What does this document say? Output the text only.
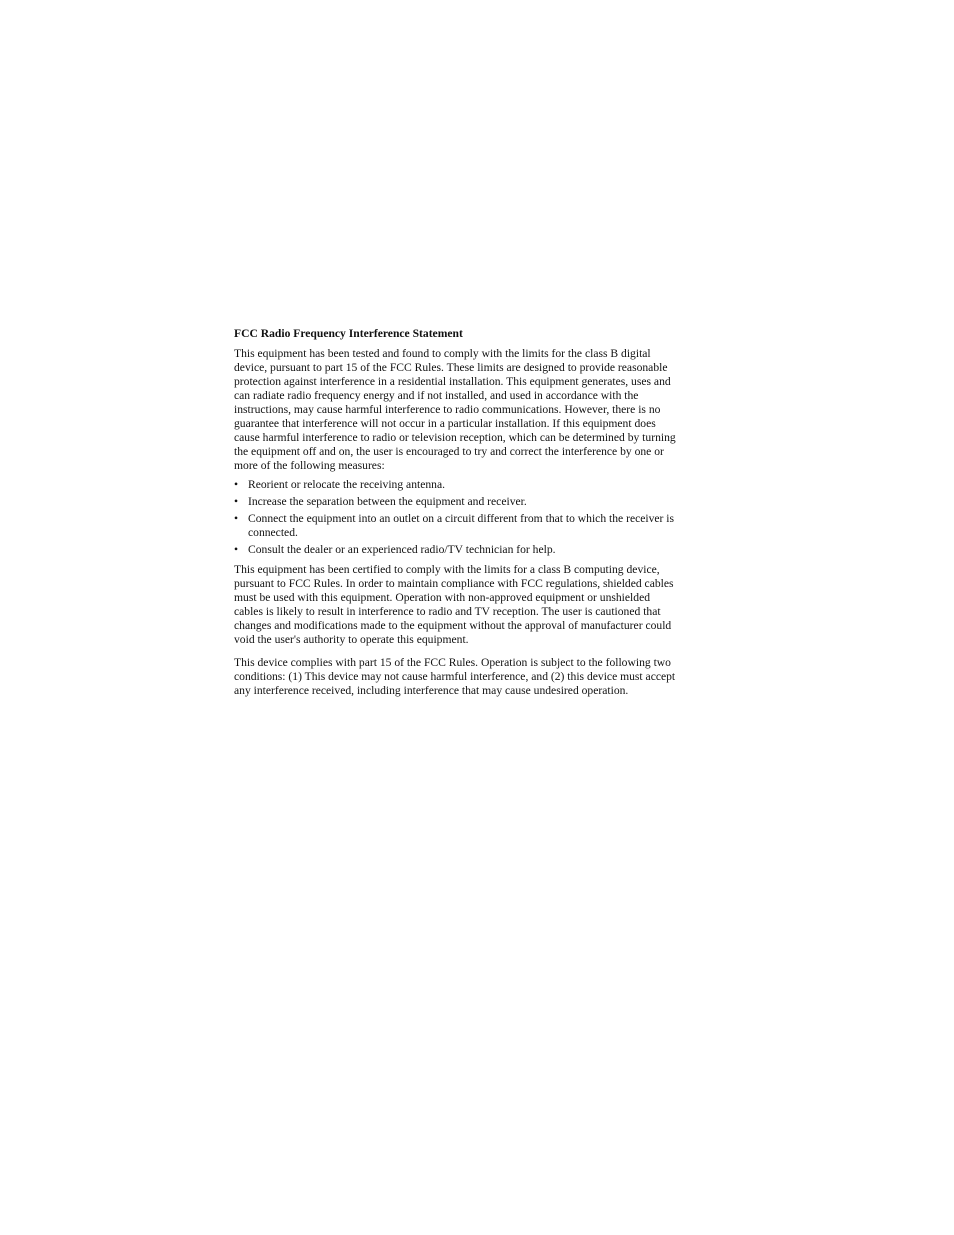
FCC Radio Frequency Interference Statement

This equipment has been tested and found to comply with the limits for the class B digital device, pursuant to part 15 of the FCC Rules. These limits are designed to provide reasonable protection against interference in a residential installation. This equipment generates, uses and can radiate radio frequency energy and if not installed, and used in accordance with the instructions, may cause harmful interference to radio communications. However, there is no guarantee that interference will not occur in a particular installation. If this equipment does cause harmful interference to radio or television reception, which can be determined by turning the equipment off and on, the user is encouraged to try and correct the interference by one or more of the following measures:

• Reorient or relocate the receiving antenna.
• Increase the separation between the equipment and receiver.
• Connect the equipment into an outlet on a circuit different from that to which the receiver is connected.
• Consult the dealer or an experienced radio/TV technician for help.

This equipment has been certified to comply with the limits for a class B computing device, pursuant to FCC Rules. In order to maintain compliance with FCC regulations, shielded cables must be used with this equipment. Operation with non-approved equipment or unshielded cables is likely to result in interference to radio and TV reception. The user is cautioned that changes and modifications made to the equipment without the approval of manufacturer could void the user's authority to operate this equipment.

This device complies with part 15 of the FCC Rules. Operation is subject to the following two conditions: (1) This device may not cause harmful interference, and (2) this device must accept any interference received, including interference that may cause undesired operation.
